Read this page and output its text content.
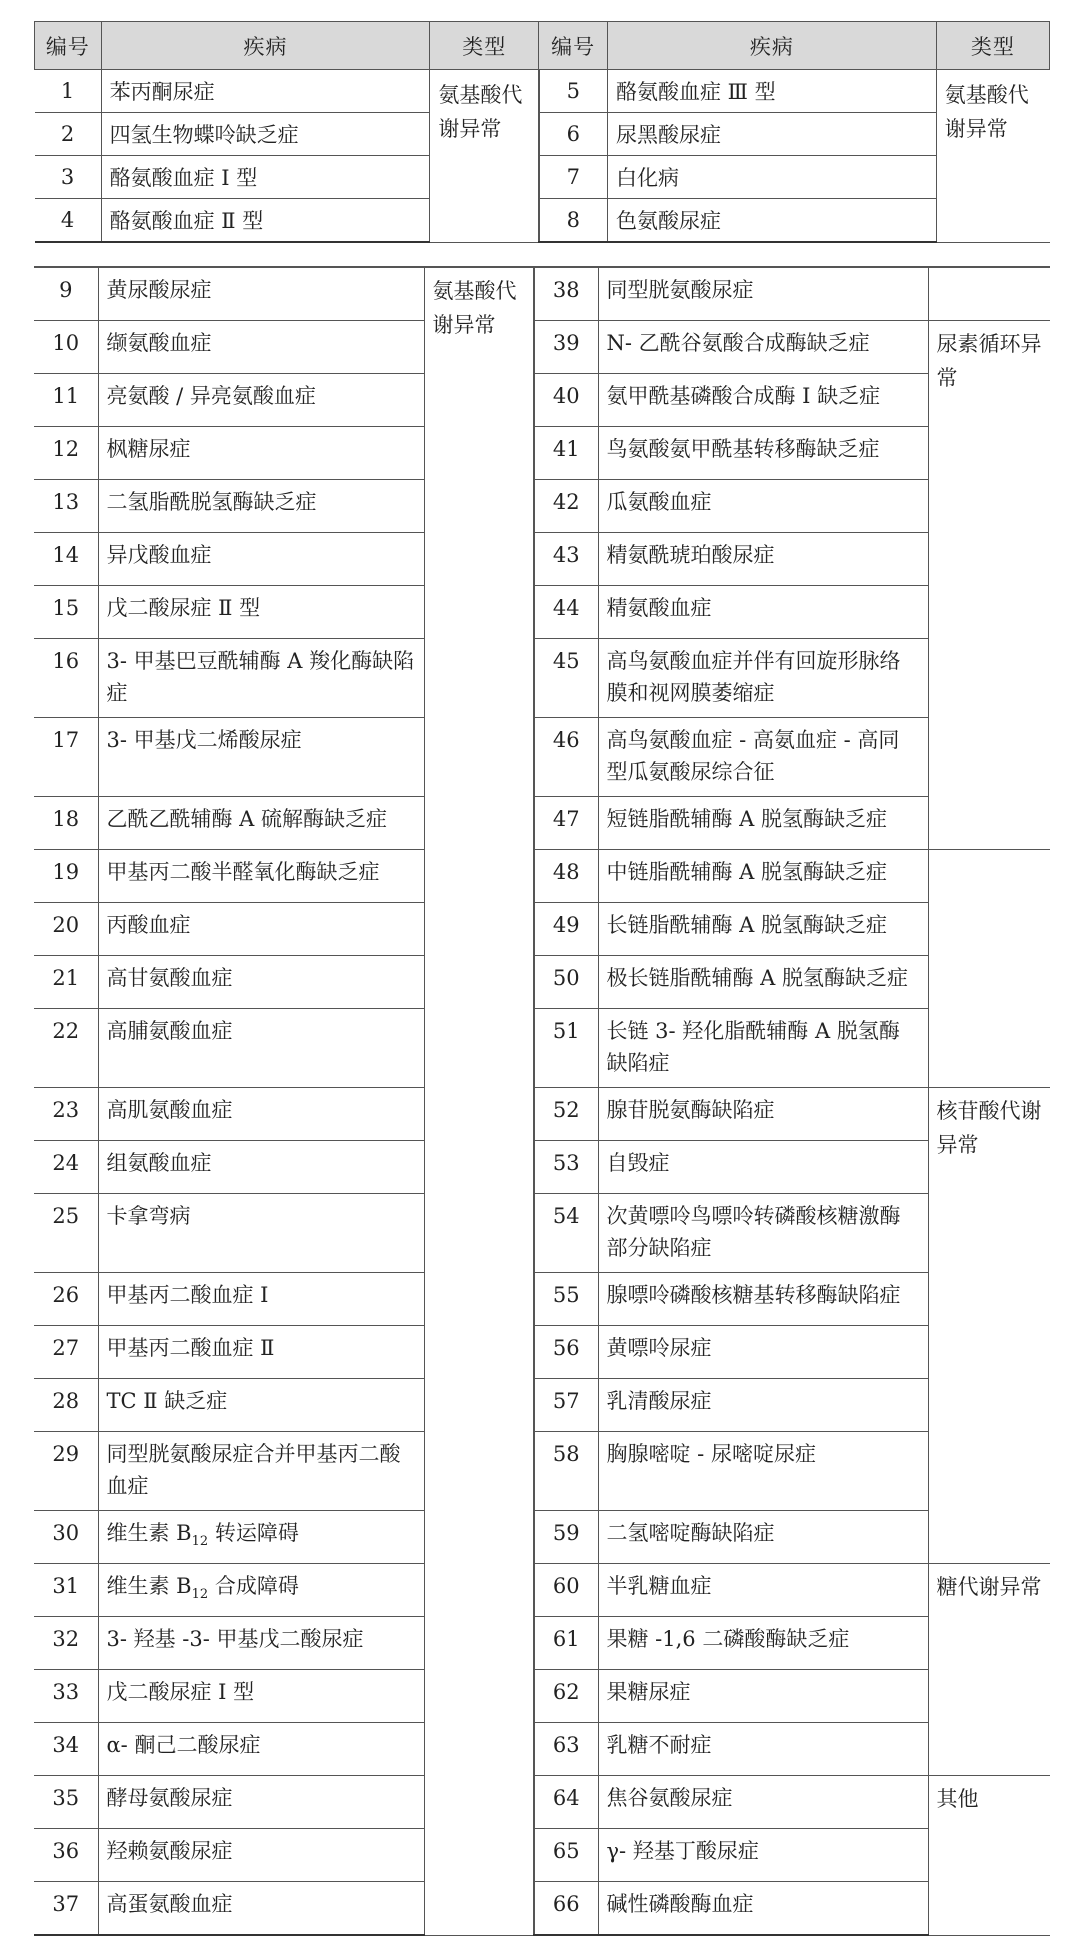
编号	疾病	类型	编号	疾病	类型
1	苯丙酮尿症	氨基酸代谢异常	5	酪氨酸血症 Ⅲ 型	氨基酸代谢异常
2	四氢生物蝶呤缺乏症		6	尿黑酸尿症	
3	酪氨酸血症 Ⅰ 型		7	白化病	
4	酪氨酸血症 Ⅱ 型		8	色氨酸尿症	
9	黄尿酸尿症	氨基酸代谢异常	38	同型胱氨酸尿症		
10	缬氨酸血症		39	N- 乙酰谷氨酸合成酶缺乏症	尿素循环异常	
11	亮氨酸 / 异亮氨酸血症		40	氨甲酰基磷酸合成酶 Ⅰ 缺乏症		
12	枫糖尿症		41	鸟氨酸氨甲酰基转移酶缺乏症		
13	二氢脂酰脱氢酶缺乏症		42	瓜氨酸血症		
14	异戊酸血症		43	精氨酰琥珀酸尿症		
15	戊二酸尿症 Ⅱ 型		44	精氨酸血症		
16	3- 甲基巴豆酰辅酶 A 羧化酶缺陷症		45	高鸟氨酸血症并伴有回旋形脉络膜和视网膜萎缩症		
17	3- 甲基戊二烯酸尿症		46	高鸟氨酸血症 - 高氨血症 - 高同型瓜氨酸尿综合征		
18	乙酰乙酰辅酶 A 硫解酶缺乏症		47	短链脂酰辅酶 A 脱氢酶缺乏症	
19	甲基丙二酸半醛氧化酶缺乏症		48	中链脂酰辅酶 A 脱氢酶缺乏症		
20	丙酸血症		49	长链脂酰辅酶 A 脱氢酶缺乏症		
21	高甘氨酸血症		50	极长链脂酰辅酶 A 脱氢酶缺乏症		
22	高脯氨酸血症		51	长链 3- 羟化脂酰辅酶 A 脱氢酶缺陷症		
23	高肌氨酸血症		52	腺苷脱氨酶缺陷症	核苷酸代谢异常	
24	组氨酸血症		53	自毁症		
25	卡拿弯病		54	次黄嘌呤鸟嘌呤转磷酸核糖激酶部分缺陷症		
26	甲基丙二酸血症 Ⅰ		55	腺嘌呤磷酸核糖基转移酶缺陷症		
27	甲基丙二酸血症 Ⅱ		56	黄嘌呤尿症		
28	TC Ⅱ 缺乏症		57	乳清酸尿症		
29	同型胱氨酸尿症合并甲基丙二酸血症		58	胸腺嘧啶 - 尿嘧啶尿症		
30	维生素 $B_{12}$ 转运障碍		59	二氢嘧啶酶缺陷症		
31	维生素 $B_{12}$ 合成障碍		60	半乳糖血症	糖代谢异常	
32	3- 羟基 -3- 甲基戊二酸尿症		61	果糖 -1,6 二磷酸酶缺乏症		
33	戊二酸尿症 Ⅰ 型		62	果糖尿症		
34	α- 酮己二酸尿症		63	乳糖不耐症		
35	酵母氨酸尿症		64	焦谷氨酸尿症	其他	
36	羟赖氨酸尿症		65	γ- 羟基丁酸尿症		
37	高蛋氨酸血症		66	碱性磷酸酶血症		
